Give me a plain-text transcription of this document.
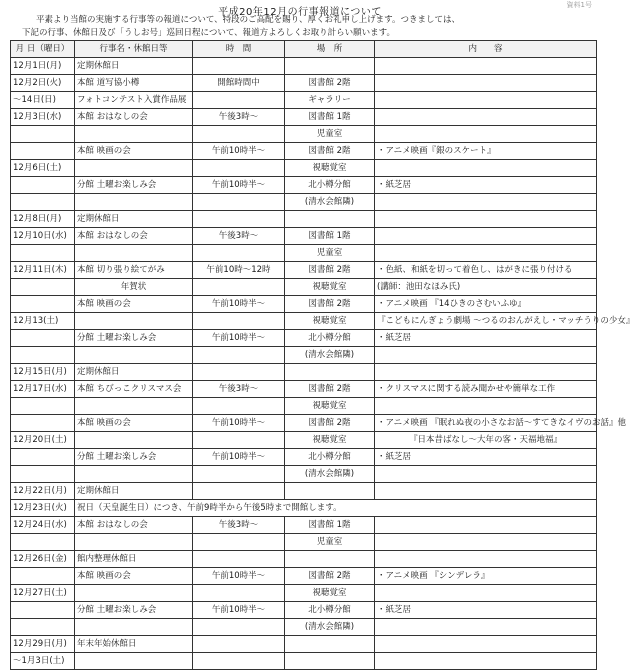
平成20年12月の行事報道について
資料1号
平素より当館の実施する行事等の報道について、特段のご高配を賜り、厚くお礼申し上げます。つきましては、
下記の行事、休館日及び「うしお号」巡回日程について、報道方よろしくお取り計らい願います。
月 日（曜日）	行事名・休館日等	時　間	場　所	内　　容
12月1日(月)	定期休館日			
12月2日(火)	本館 道写協小樽	開館時間中	図書館 2階	
～14日(日)	フォトコンテスト入賞作品展		ギャラリー	
12月3日(水)	本館 おはなしの会	午後3時～	図書館 1階	
			児童室	
	本館 映画の会	午前10時半～	図書館 2階	・アニメ映画『銀のスケート』
12月6日(土)			視聴覚室	
	分館 土曜お楽しみ会	午前10時半～	北小樽分館	・紙芝居
			(清水会館隣)	
12月8日(月)	定期休館日			
12月10日(水)	本館 おはなしの会	午後3時～	図書館 1階	
			児童室	
12月11日(木)	本館 切り張り絵てがみ	午前10時～12時	図書館 2階	・色紙、和紙を切って着色し、はがきに張り付ける
	年賀状		視聴覚室	(講師：池田なほみ氏)
	本館 映画の会	午前10時半～	図書館 2階	・アニメ映画 『14ひきのさむいふゆ』
12月13(土)			視聴覚室	『こどもにんぎょう劇場 ～つるのおんがえし・マッチうりの少女』
	分館 土曜お楽しみ会	午前10時半～	北小樽分館	・紙芝居
			(清水会館隣)	
12月15日(月)	定期休館日			
12月17日(水)	本館 ちびっこクリスマス会	午後3時～	図書館 2階	・クリスマスに関する読み聞かせや簡単な工作
			視聴覚室	
	本館 映画の会	午前10時半～	図書館 2階	・アニメ映画 『眠れぬ夜の小さなお話～すてきなイヴのお話』他
12月20日(土)			視聴覚室	『日本昔ばなし～大年の客・天福地福』
	分館 土曜お楽しみ会	午前10時半～	北小樽分館	・紙芝居
			(清水会館隣)	
12月22日(月)	定期休館日			
12月23日(火)	祝日（天皇誕生日）につき、午前9時半から午後5時まで開館します。			
12月24日(水)	本館 おはなしの会	午後3時～	図書館 1階	
			児童室	
12月26日(金)	館内整理休館日			
	本館 映画の会	午前10時半～	図書館 2階	・アニメ映画 『シンデレラ』
12月27日(土)			視聴覚室	
	分館 土曜お楽しみ会	午前10時半～	北小樽分館	・紙芝居
			(清水会館隣)	
12月29日(月)	年末年始休館日			
～1月3日(土)				
